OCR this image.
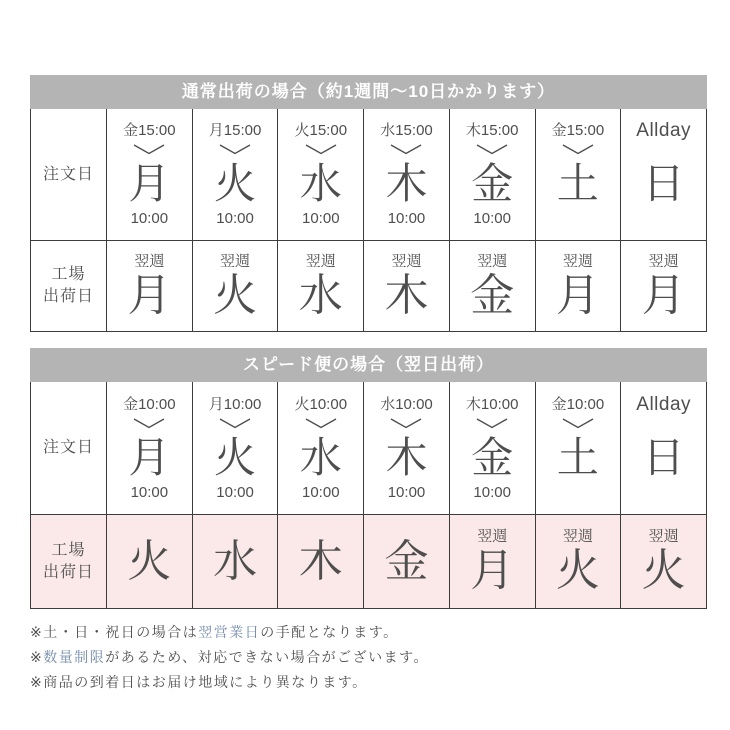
通常出荷の場合（約1週間～10日かかります）
注文日
金15:00
月
10:00
月15:00
火
10:00
火15:00
水
10:00
水15:00
木
10:00
木15:00
金
10:00
金15:00
土
Allday
日
工場
出荷日
翌週
月
翌週
火
翌週
水
翌週
木
翌週
金
翌週
月
翌週
月
スピード便の場合（翌日出荷）
注文日
金10:00
月
10:00
月10:00
火
10:00
火10:00
水
10:00
水10:00
木
10:00
木10:00
金
10:00
金10:00
土
Allday
日
工場
出荷日 火 水 木 金	翌週
月
翌週
火
翌週
火
※土・日・祝日の場合は翌営業日の手配となります。
※数量制限があるため、対応できない場合がございます。
※商品の到着日はお届け地域により異なります。
